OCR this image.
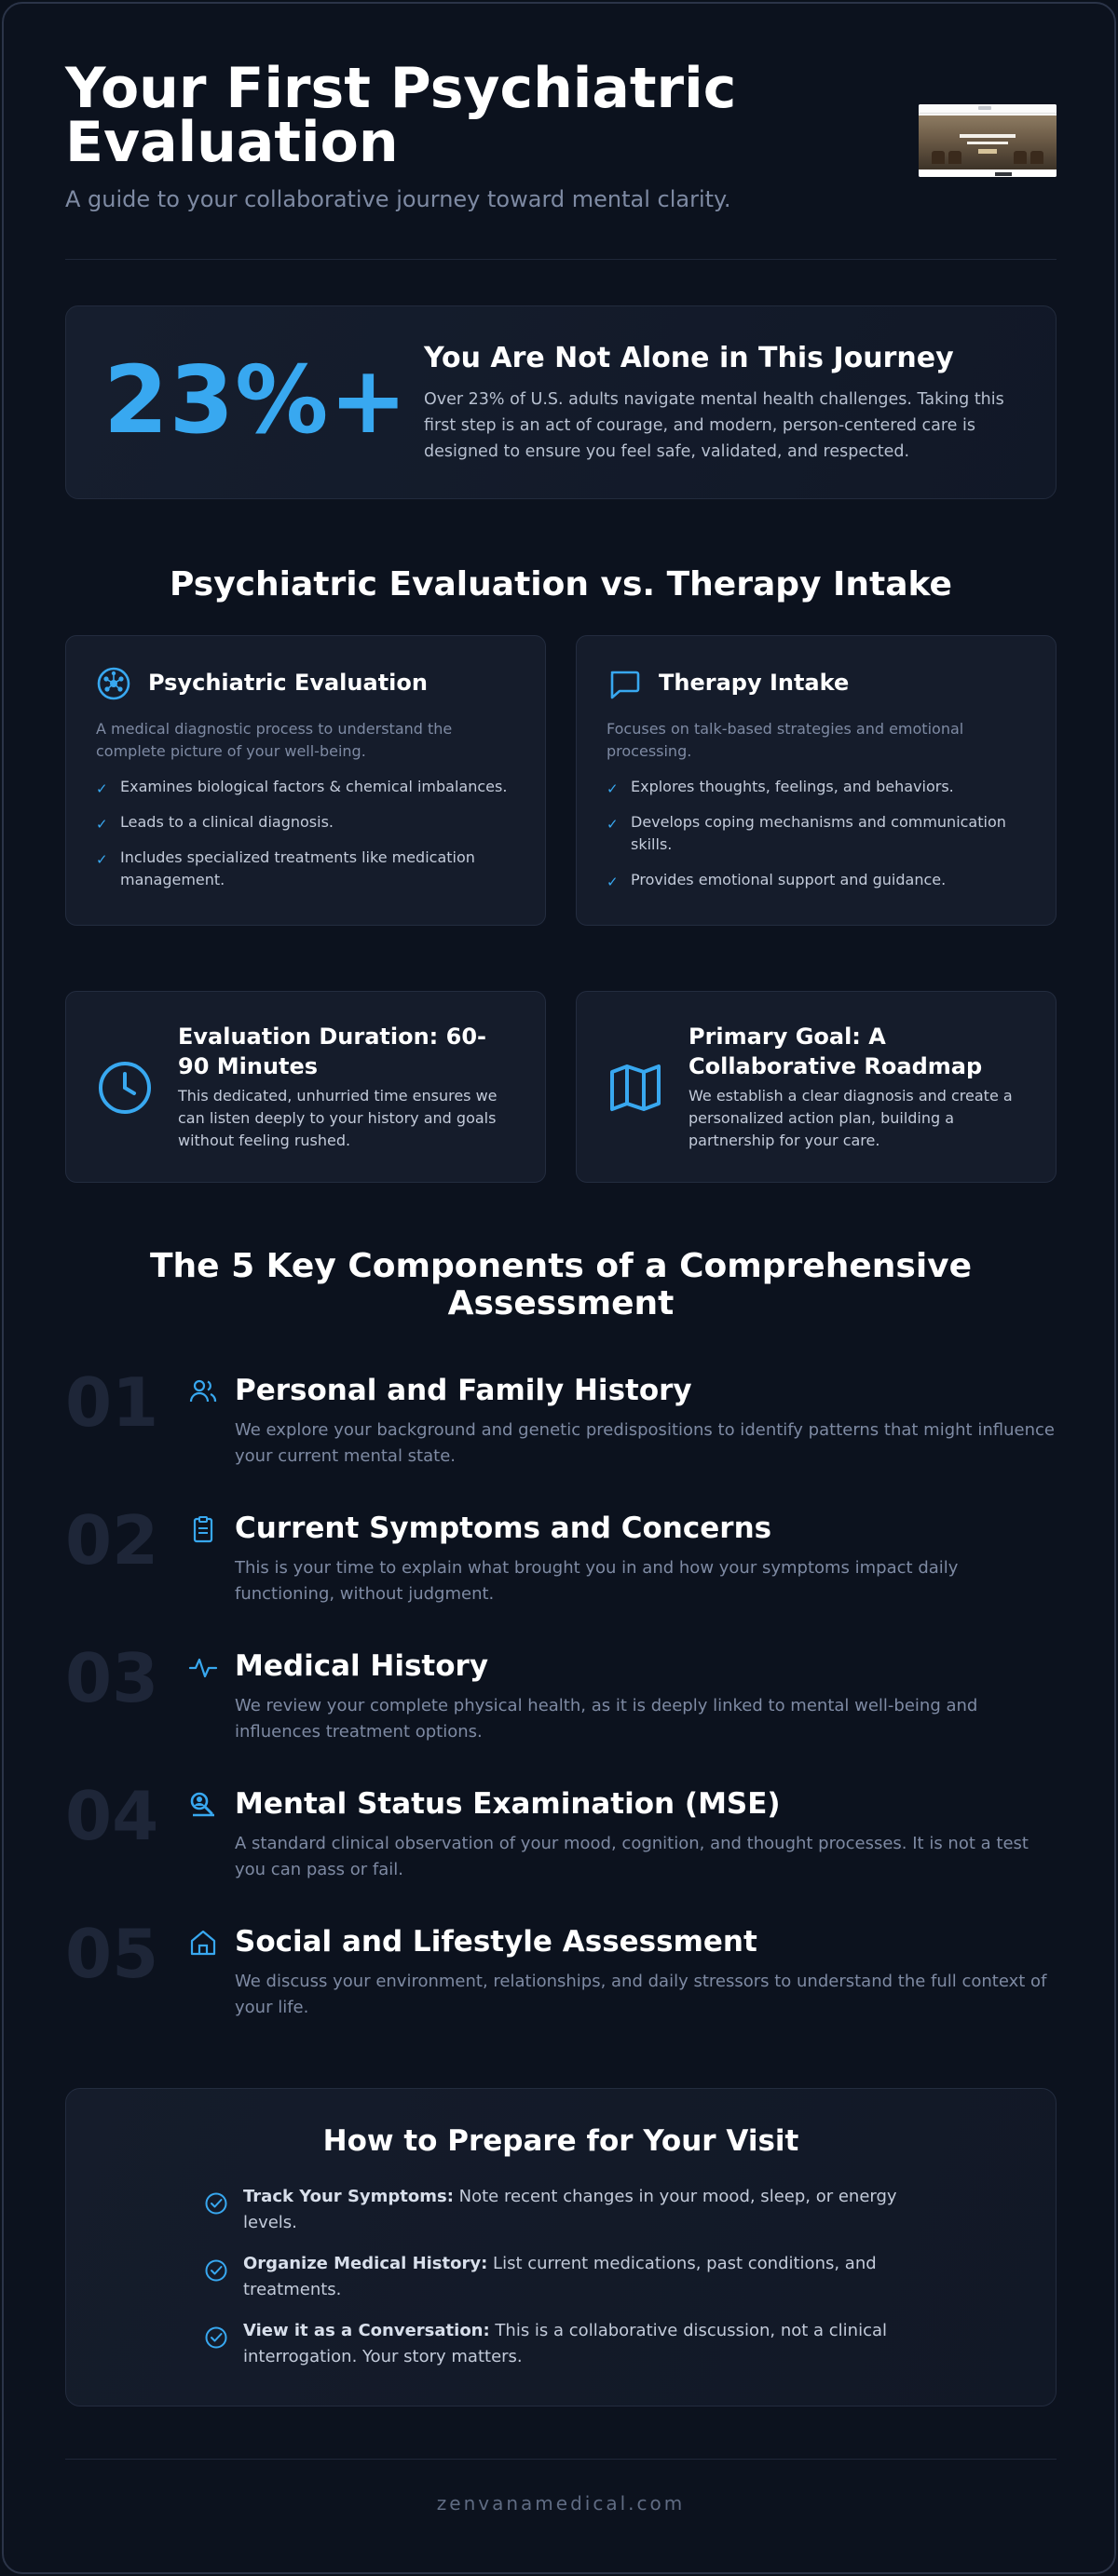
Your First Psychiatric Evaluation

A guide to your collaborative journey toward mental clarity.

23%+ You Are Not Alone in This Journey
Over 23% of U.S. adults navigate mental health challenges. Taking this first step is an act of courage, and modern, person-centered care is designed to ensure you feel safe, validated, and respected.
Psychiatric Evaluation vs. Therapy Intake
Psychiatric Evaluation
A medical diagnostic process to understand the complete picture of your well-being.
✓ Examines biological factors & chemical imbalances.
✓ Leads to a clinical diagnosis.
✓ Includes specialized treatments like medication management.
Therapy Intake
Focuses on talk-based strategies and emotional processing.
✓ Explores thoughts, feelings, and behaviors.
✓ Develops coping mechanisms and communication skills.
✓ Provides emotional support and guidance.
Evaluation Duration: 60-90 Minutes
This dedicated, unhurried time ensures we can listen deeply to your history and goals without feeling rushed.
Primary Goal: A Collaborative Roadmap
We establish a clear diagnosis and create a personalized action plan, building a partnership for your care.
The 5 Key Components of a Comprehensive Assessment
01	Personal and Family History
We explore your background and genetic predispositions to identify patterns that might influence your current mental state.
02	Current Symptoms and Concerns
This is your time to explain what brought you in and how your symptoms impact daily functioning, without judgment.
03	Medical History
We review your complete physical health, as it is deeply linked to mental well-being and influences treatment options.
04	Mental Status Examination (MSE)
A standard clinical observation of your mood, cognition, and thought processes. It is not a test you can pass or fail.
05	Social and Lifestyle Assessment
We discuss your environment, relationships, and daily stressors to understand the full context of your life.
How to Prepare for Your Visit
Track Your Symptoms: Note recent changes in your mood, sleep, or energy levels.
Organize Medical History: List current medications, past conditions, and treatments.
View it as a Conversation: This is a collaborative discussion, not a clinical interrogation. Your story matters.
zenvanamedical.com
